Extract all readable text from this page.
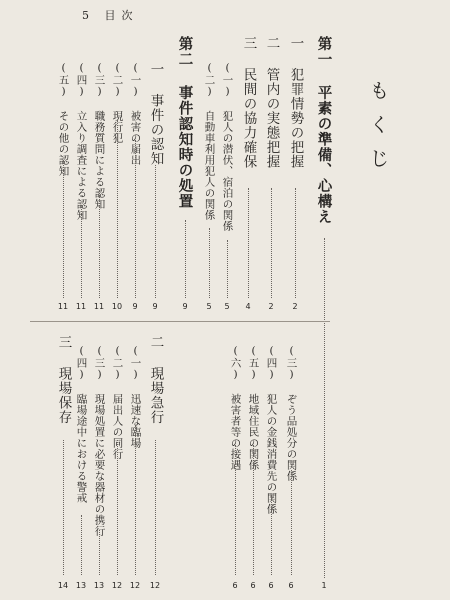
5 目次
もくじ
第一 平素の準備、心構え
1
一 犯罪情勢の把握
2
二 管内の実態把握
2
三 民間の協力確保
4
(一) 犯人の潜伏、宿泊の関係
5
(二) 自動車利用犯人の関係
5
(三) ぞう品処分の関係
6
(四) 犯人の金銭消費先の関係
6
(五) 地域住民の関係
6
(六) 被害者等の接遇
6
第二 事件認知時の処置
9
一 事件の認知
9
(一) 被害の届出
9
(二) 現行犯
10
(三) 職務質問による認知
11
(四) 立入り調査による認知
11
(五) その他の認知
11
二 現場急行
12
(一) 迅速な臨場
12
(二) 届出人の同行
12
(三) 現場処置に必要な器材の携行
13
(四) 臨場途中における警戒
13
三 現場保存
14
